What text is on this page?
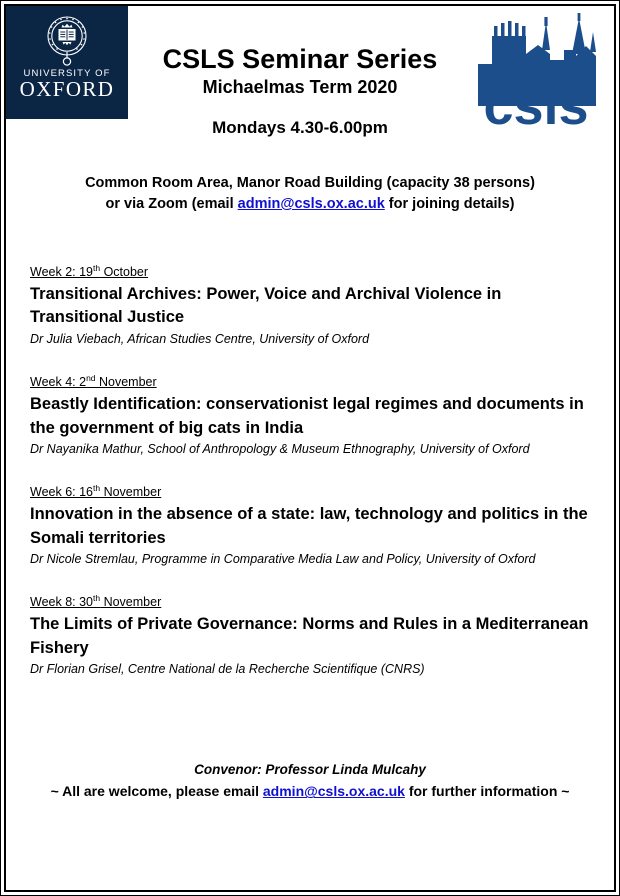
UNIVERSITY OF
OXFORD	csls
CSLS Seminar Series
Michaelmas Term 2020
Mondays 4.30-6.00pm
Common Room Area, Manor Road Building (capacity 38 persons)
or via Zoom (email admin@csls.ox.ac.uk for joining details)
Week 2: 19th October
Transitional Archives: Power, Voice and Archival Violence in Transitional Justice
Dr Julia Viebach, African Studies Centre, University of Oxford
Week 4: 2nd November
Beastly Identification: conservationist legal regimes and documents in the government of big cats in India
Dr Nayanika Mathur, School of Anthropology & Museum Ethnography, University of Oxford
Week 6: 16th November
Innovation in the absence of a state: law, technology and politics in the Somali territories
Dr Nicole Stremlau, Programme in Comparative Media Law and Policy, University of Oxford
Week 8: 30th November
The Limits of Private Governance: Norms and Rules in a Mediterranean Fishery
Dr Florian Grisel, Centre National de la Recherche Scientifique (CNRS)
Convenor: Professor Linda Mulcahy
~ All are welcome, please email admin@csls.ox.ac.uk for further information ~
